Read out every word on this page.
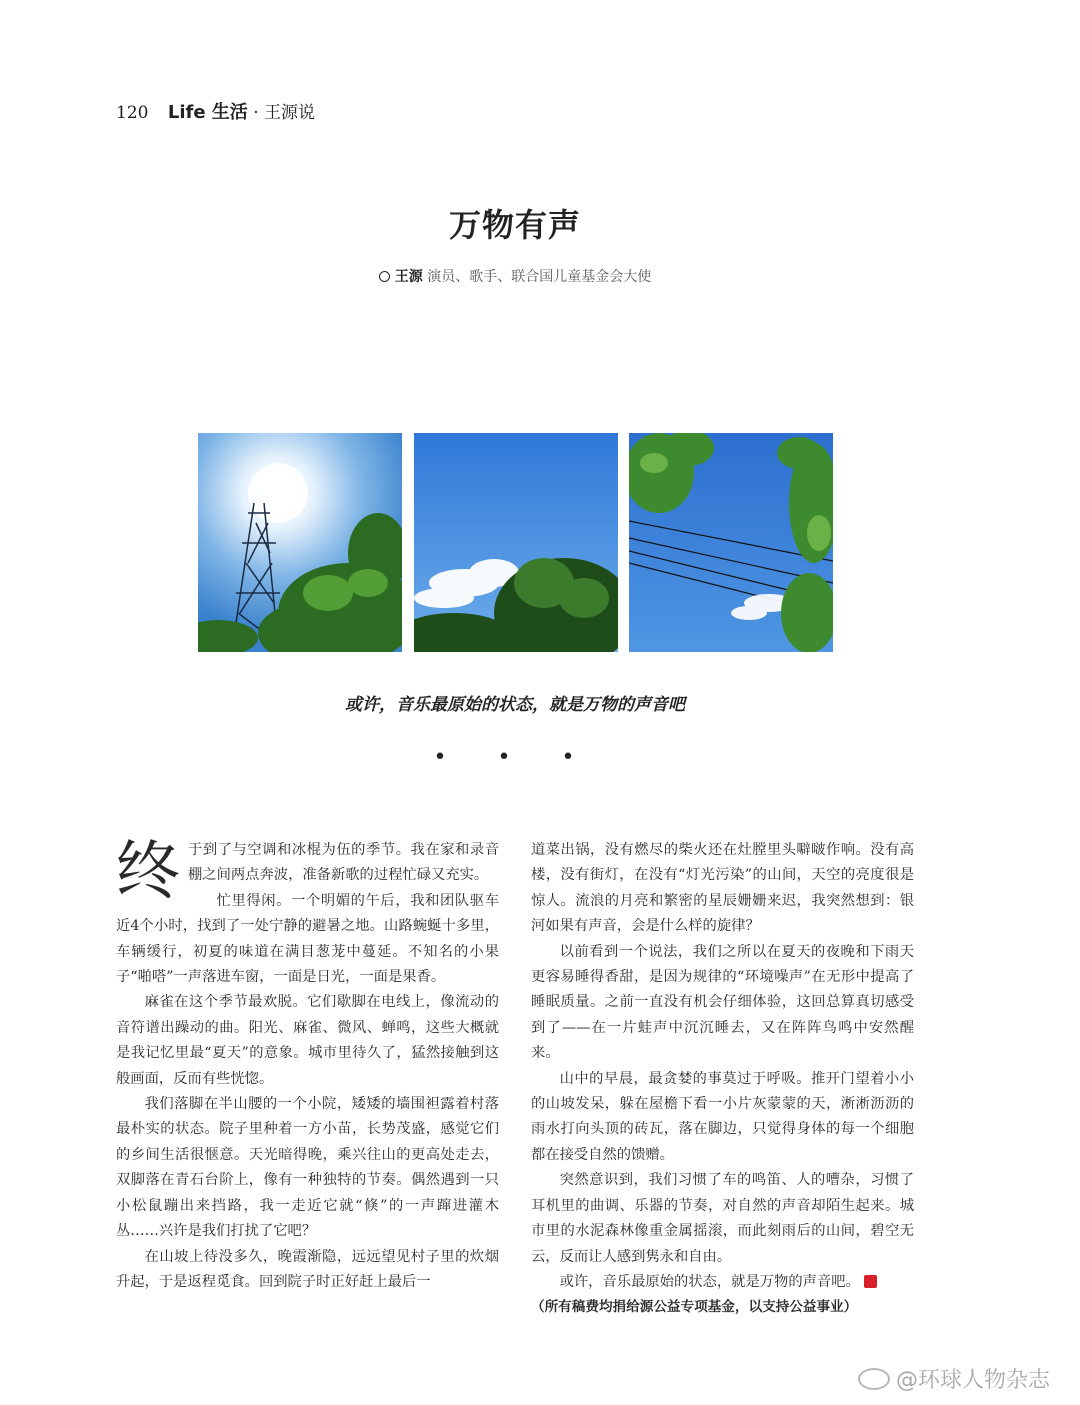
120 Life 生活 · 王源说
万物有声
王源 演员、歌手、联合国儿童基金会大使
或许，音乐最原始的状态，就是万物的声音吧
• • •

终于到了与空调和冰棍为伍的季节。我在家和录音棚之间两点奔波，准备新歌的过程忙碌又充实。

忙里得闲。一个明媚的午后，我和团队驱车近4个小时，找到了一处宁静的避暑之地。山路蜿蜒十多里，车辆缓行，初夏的味道在满目葱茏中蔓延。不知名的小果子“啪嗒”一声落进车窗，一面是日光，一面是果香。

麻雀在这个季节最欢脱。它们歇脚在电线上，像流动的音符谱出躁动的曲。阳光、麻雀、微风、蝉鸣，这些大概就是我记忆里最“夏天”的意象。城市里待久了，猛然接触到这般画面，反而有些恍惚。

我们落脚在半山腰的一个小院，矮矮的墙围袒露着村落最朴实的状态。院子里种着一方小苗，长势茂盛，感觉它们的乡间生活很惬意。天光暗得晚，乘兴往山的更高处走去，双脚落在青石台阶上，像有一种独特的节奏。偶然遇到一只小松鼠蹦出来挡路，我一走近它就“倏”的一声蹿进灌木丛……兴许是我们打扰了它吧？

在山坡上待没多久，晚霞渐隐，远远望见村子里的炊烟升起，于是返程觅食。回到院子时正好赶上最后一

道菜出锅，没有燃尽的柴火还在灶膛里头噼啵作响。没有高楼，没有街灯，在没有“灯光污染”的山间，天空的亮度很是惊人。流浪的月亮和繁密的星辰姗姗来迟，我突然想到：银河如果有声音，会是什么样的旋律？

以前看到一个说法，我们之所以在夏天的夜晚和下雨天更容易睡得香甜，是因为规律的“环境噪声”在无形中提高了睡眠质量。之前一直没有机会仔细体验，这回总算真切感受到了——在一片蛙声中沉沉睡去，又在阵阵鸟鸣中安然醒来。

山中的早晨，最贪婪的事莫过于呼吸。推开门望着小小的山坡发呆，躲在屋檐下看一小片灰蒙蒙的天，淅淅沥沥的雨水打向头顶的砖瓦，落在脚边，只觉得身体的每一个细胞都在接受自然的馈赠。

突然意识到，我们习惯了车的鸣笛、人的嘈杂，习惯了耳机里的曲调、乐器的节奏，对自然的声音却陌生起来。城市里的水泥森林像重金属摇滚，而此刻雨后的山间，碧空无云，反而让人感到隽永和自由。

或许，音乐最原始的状态，就是万物的声音吧。	G

（所有稿费均捐给源公益专项基金，以支持公益事业）

@环球人物杂志
